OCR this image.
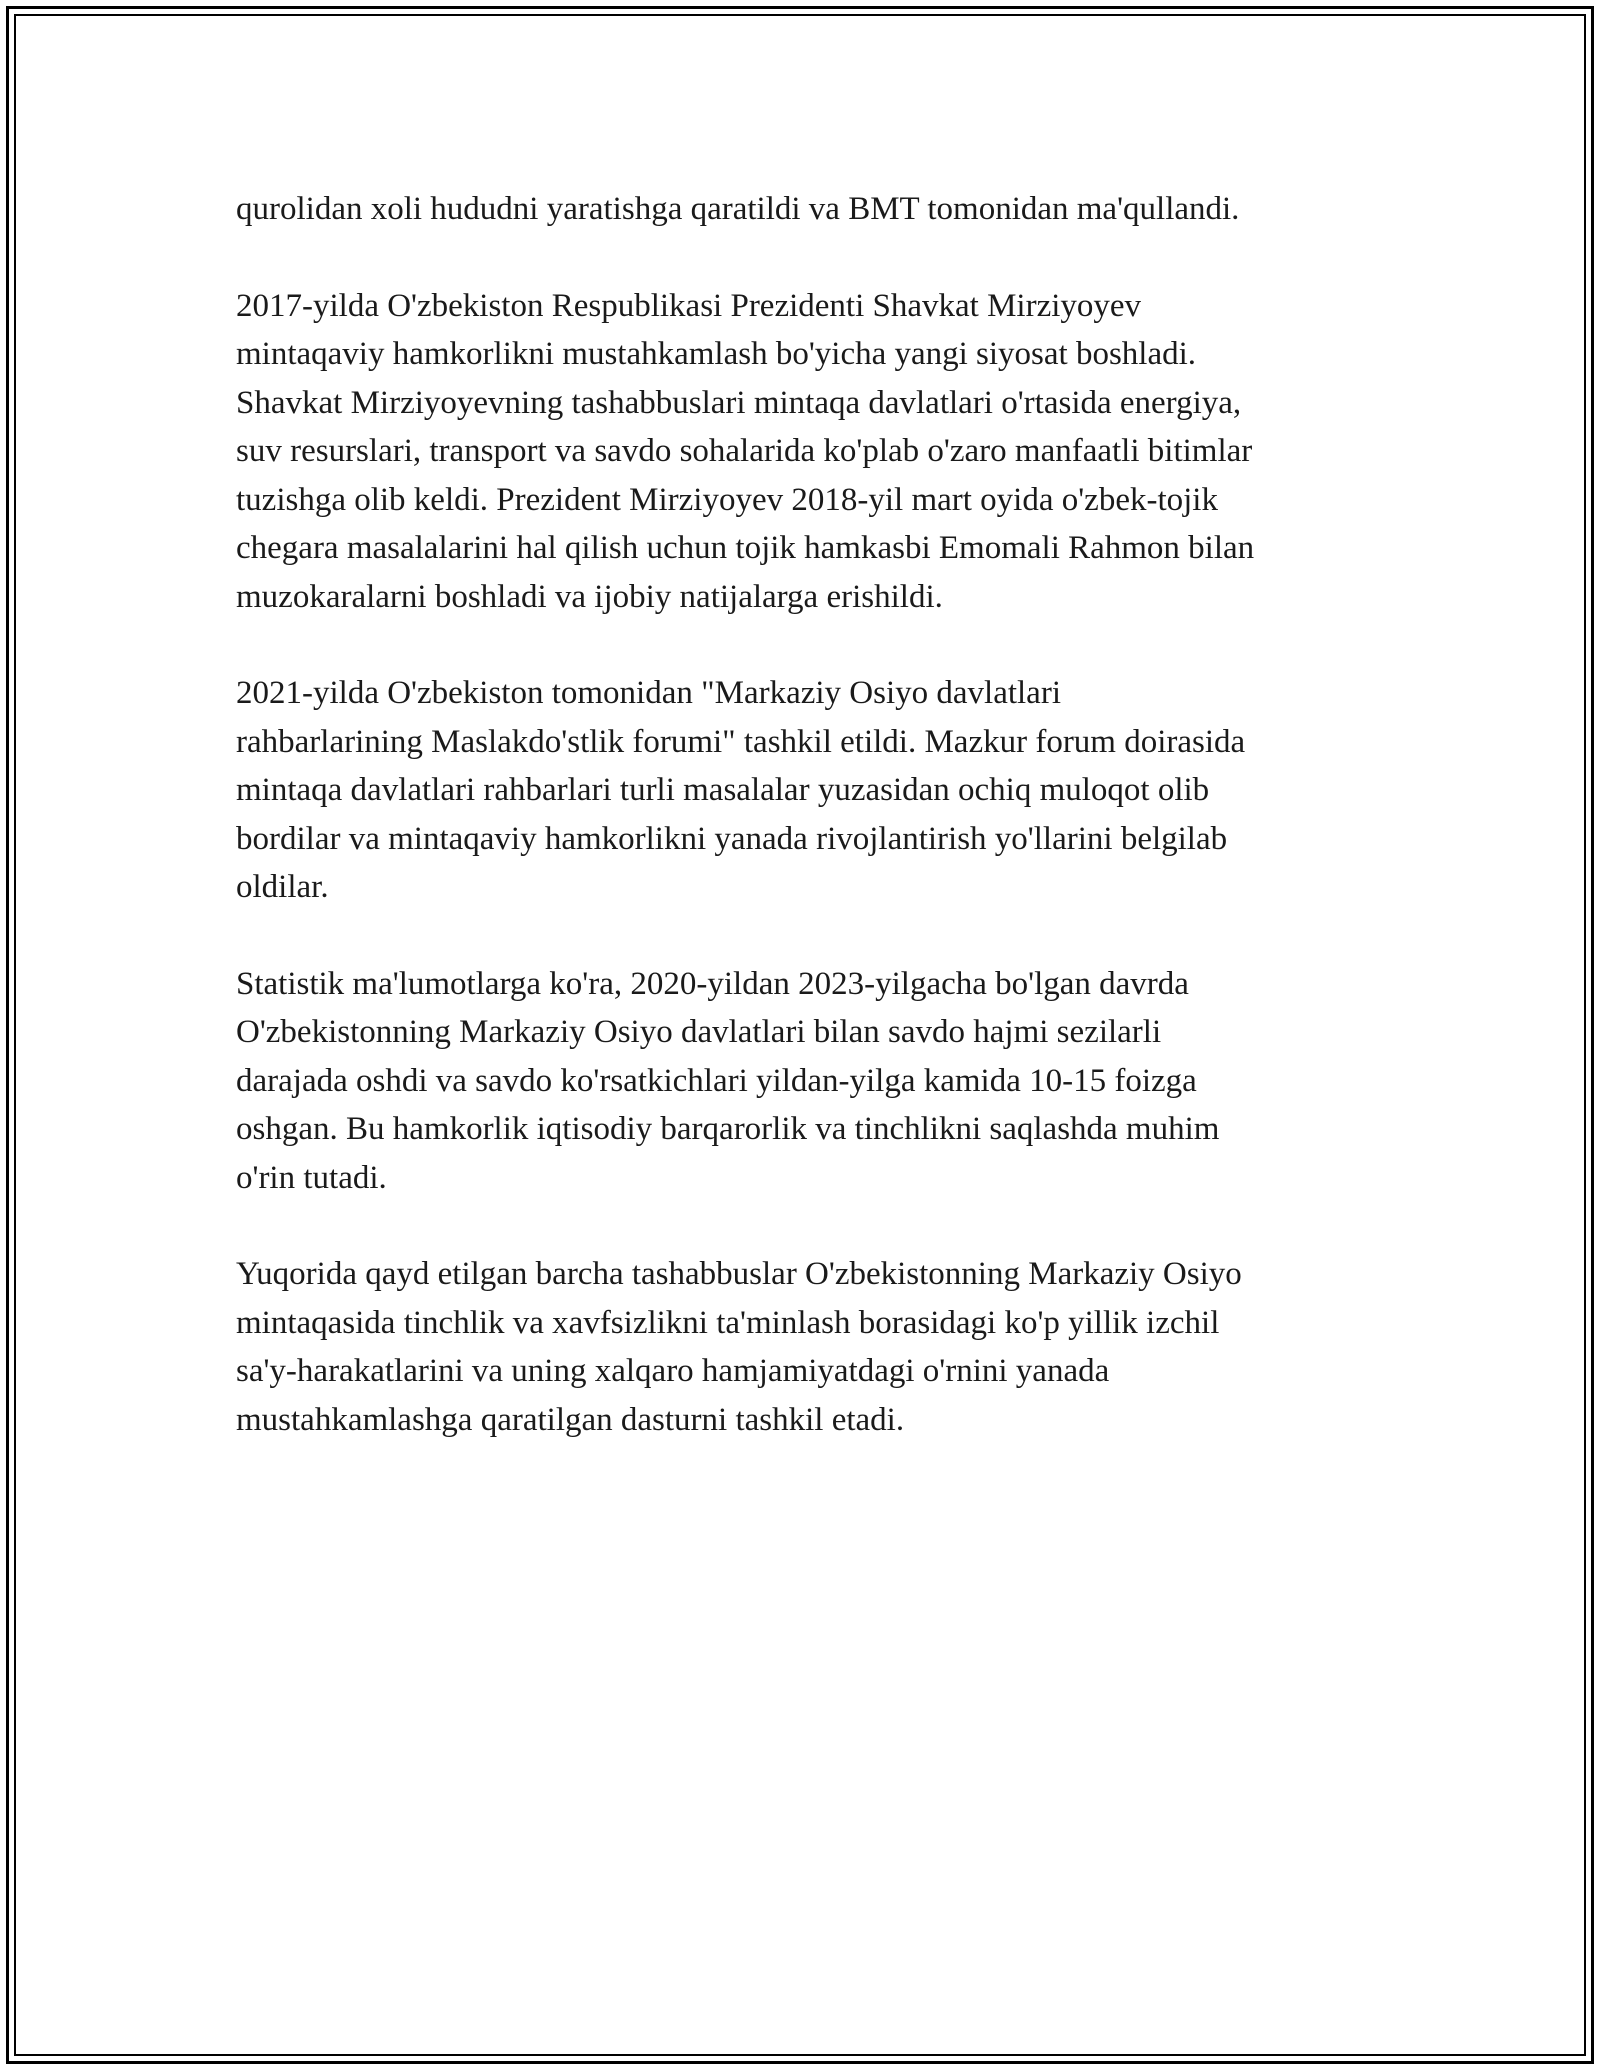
qurolidan xoli hududni yaratishga qaratildi va BMT tomonidan ma'qullandi.

2017-yilda O'zbekiston Respublikasi Prezidenti Shavkat Mirziyoyev
mintaqaviy hamkorlikni mustahkamlash bo'yicha yangi siyosat boshladi.
Shavkat Mirziyoyevning tashabbuslari mintaqa davlatlari o'rtasida energiya,
suv resurslari, transport va savdo sohalarida ko'plab o'zaro manfaatli bitimlar
tuzishga olib keldi. Prezident Mirziyoyev 2018-yil mart oyida o'zbek-tojik
chegara masalalarini hal qilish uchun tojik hamkasbi Emomali Rahmon bilan
muzokaralarni boshladi va ijobiy natijalarga erishildi.

2021-yilda O'zbekiston tomonidan "Markaziy Osiyo davlatlari
rahbarlarining Maslakdo'stlik forumi" tashkil etildi. Mazkur forum doirasida
mintaqa davlatlari rahbarlari turli masalalar yuzasidan ochiq muloqot olib
bordilar va mintaqaviy hamkorlikni yanada rivojlantirish yo'llarini belgilab
oldilar.

Statistik ma'lumotlarga ko'ra, 2020-yildan 2023-yilgacha bo'lgan davrda
O'zbekistonning Markaziy Osiyo davlatlari bilan savdo hajmi sezilarli
darajada oshdi va savdo ko'rsatkichlari yildan-yilga kamida 10-15 foizga
oshgan. Bu hamkorlik iqtisodiy barqarorlik va tinchlikni saqlashda muhim
o'rin tutadi.

Yuqorida qayd etilgan barcha tashabbuslar O'zbekistonning Markaziy Osiyo
mintaqasida tinchlik va xavfsizlikni ta'minlash borasidagi ko'p yillik izchil
sa'y-harakatlarini va uning xalqaro hamjamiyatdagi o'rnini yanada
mustahkamlashga qaratilgan dasturni tashkil etadi.
